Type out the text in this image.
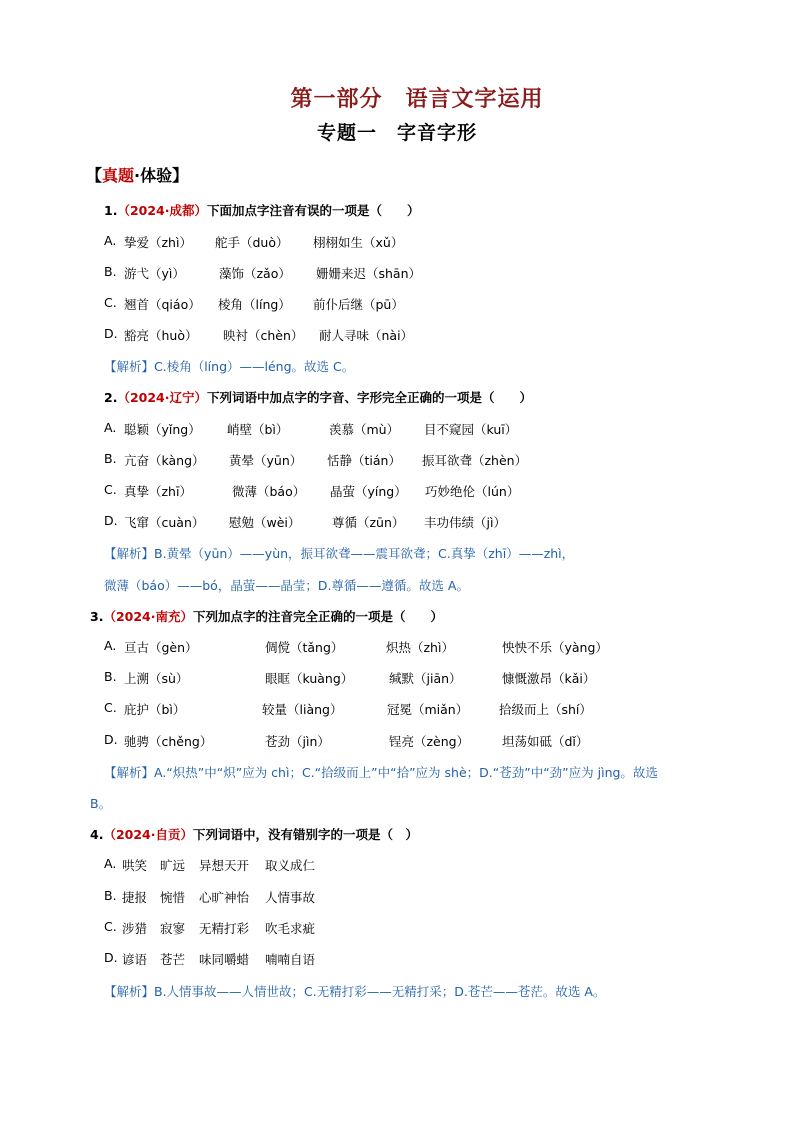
第一部分　语言文字运用
专题一　字音字形
【真题·体验】
1.（2024·成都）下面加点字注音有误的一项是（　　）
A. 挚爱（zhì） 舵手（duò） 栩栩如生（xǔ）
B. 游弋（yì）	藻饰（zǎo） 姗姗来迟（shān）
C. 翘首（qiáo） 棱角（líng） 前仆后继（pū）
D. 豁亮（huò） 映衬（chèn） 耐人寻味（nài）
【解析】C.棱角（líng）——léng。故选 C。
2.（2024·辽宁）下列词语中加点字的字音、字形完全正确的一项是（　　）
A. 聪颖（yǐng） 峭壁（bì）	羡慕（mù） 目不窥园（kuī）
B. 亢奋（kàng） 黄晕（yūn） 恬静（tián） 振耳欲聋（zhèn）
C. 真挚（zhī）	微薄（báo） 晶萤（yíng） 巧妙绝伦（lún）
D. 飞窜（cuàn） 慰勉（wèi）	尊循（zūn） 丰功伟绩（jì）
【解析】B.黄晕（yūn）——yùn，振耳欲聋——震耳欲聋；C.真挚（zhī）——zhì，
微薄（báo）——bó，晶萤——晶莹；D.尊循——遵循。故选 A。
3.（2024·南充）下列加点字的注音完全正确的一项是（　　）
A. 亘古（gèn）	倜傥（tǎng）	炽热（zhì）	怏怏不乐（yàng）
B. 上溯（sù）	眼眶（kuàng）	缄默（jiān）	慷慨激昂（kǎi）
C. 庇护（bì）	较量（liàng）	冠冕（miǎn） 拾级而上（shí）
D. 驰骋（chěng）	苍劲（jìn）	锃亮（zèng）	坦荡如砥（dǐ）
【解析】A.“炽热”中“炽”应为 chì；C.“拾级而上”中“拾”应为 shè；D.“苍劲”中“劲”应为 jìng。故选
B。
4.（2024·自贡）下列词语中，没有错别字的一项是（　）
A. 哄笑 旷远 异想天开 取义成仁
B. 捷报 惋惜 心旷神怡 人情事故
C. 涉猎 寂寥 无精打彩 吹毛求疵
D. 谚语 苍芒 味同嚼蜡 喃喃自语
【解析】B.人情事故——人情世故；C.无精打彩——无精打采；D.苍芒——苍茫。故选 A。
